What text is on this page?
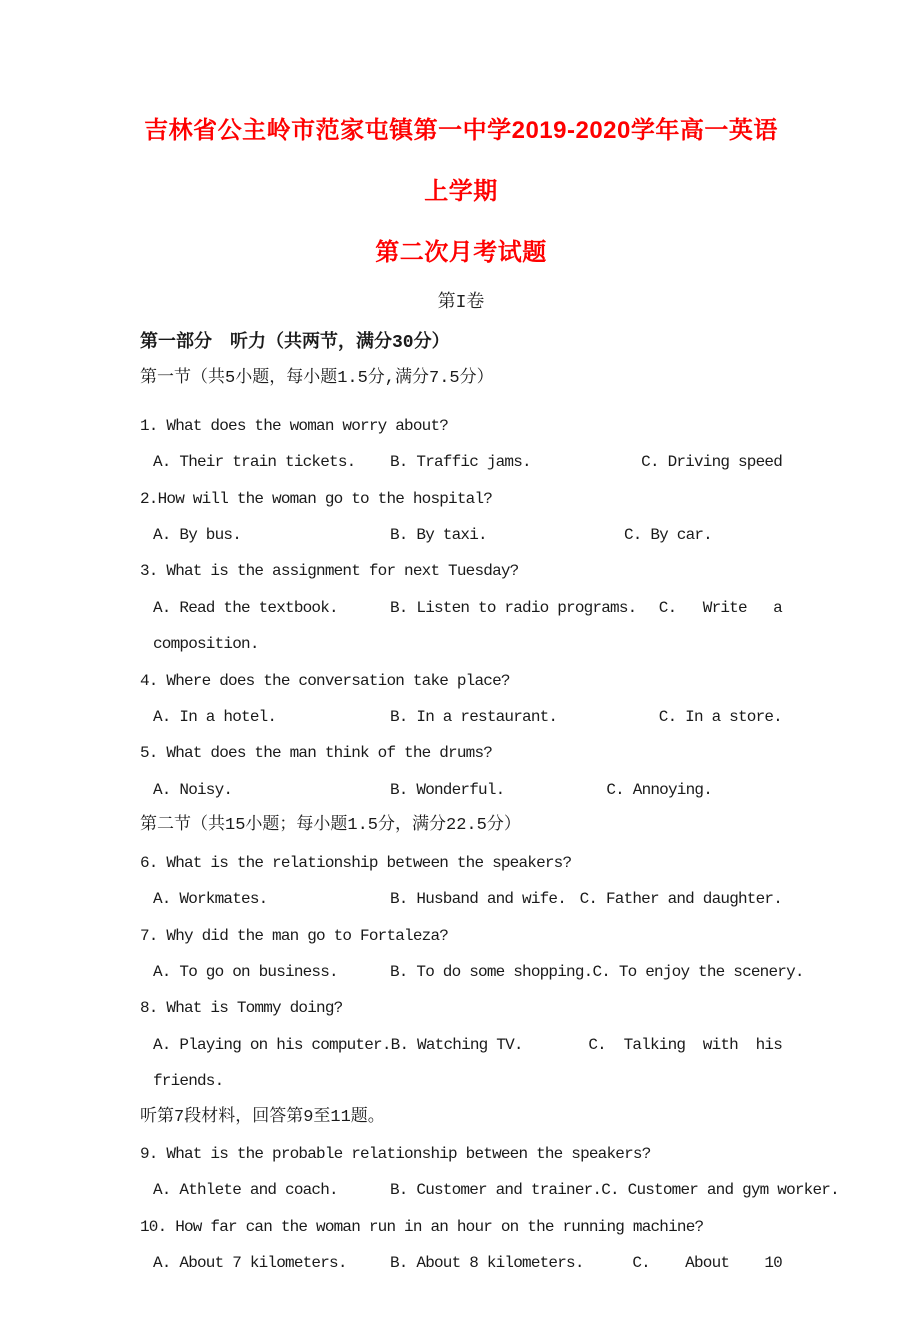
吉林省公主岭市范家屯镇第一中学2019-2020学年高一英语上学期
第二次月考试题
第I卷

第一部分　听力（共两节，满分30分）

第一节（共5小题，每小题1.5分,满分7.5分）

1. What does the woman worry about?

A. Their train tickets.	B. Traffic jams.	C. Driving speed

2.How will the woman go to the hospital?

A. By bus.	B. By taxi.	C. By car.

3. What is the assignment for next Tuesday?

A. Read the textbook.	B. Listen to radio programs. C.   Write   a

composition.

4. Where does the conversation take place?

A. In a hotel.	B. In a restaurant.	C. In a store.

5. What does the man think of the drums?

A. Noisy.	B. Wonderful.	C. Annoying.

第二节（共15小题；每小题1.5分，满分22.5分）

6. What is the relationship between the speakers?

A. Workmates.	B. Husband and wife. C. Father and daughter.

7. Why did the man go to Fortaleza?

A. To go on business.	B. To do some shopping. C. To enjoy the scenery.

8. What is Tommy doing?

A. Playing on his computer. B. Watching TV.	C.  Talking  with  his

friends.

听第7段材料，回答第9至11题。

9. What is the probable relationship between the speakers?

A. Athlete and coach.	B. Customer and trainer. C. Customer and gym worker.

10. How far can the woman run in an hour on the running machine?

A. About 7 kilometers.	B. About 8 kilometers.	C.    About    10
